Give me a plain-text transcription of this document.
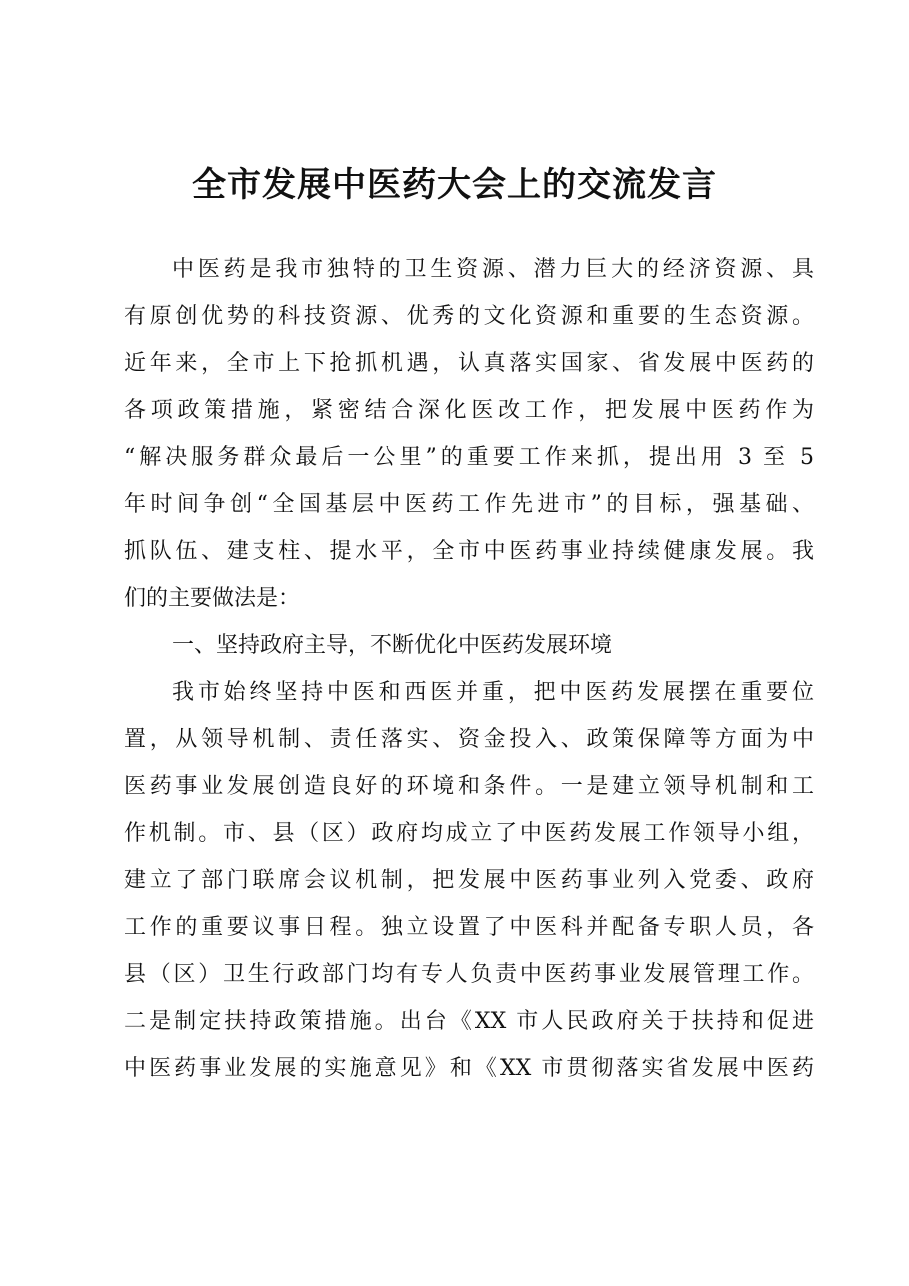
全市发展中医药大会上的交流发言
中医药是我市独特的卫生资源、潜力巨大的经济资源、具
有原创优势的科技资源、优秀的文化资源和重要的生态资源。
近年来，全市上下抢抓机遇，认真落实国家、省发展中医药的
各项政策措施，紧密结合深化医改工作，把发展中医药作为
“解决服务群众最后一公里”的重要工作来抓，提出用 3 至 5
年时间争创“全国基层中医药工作先进市”的目标，强基础、
抓队伍、建支柱、提水平，全市中医药事业持续健康发展。我
们的主要做法是：
一、坚持政府主导，不断优化中医药发展环境
我市始终坚持中医和西医并重，把中医药发展摆在重要位
置，从领导机制、责任落实、资金投入、政策保障等方面为中
医药事业发展创造良好的环境和条件。一是建立领导机制和工
作机制。市、县（区）政府均成立了中医药发展工作领导小组，
建立了部门联席会议机制，把发展中医药事业列入党委、政府
工作的重要议事日程。独立设置了中医科并配备专职人员，各
县（区）卫生行政部门均有专人负责中医药事业发展管理工作。
二是制定扶持政策措施。出台《XX 市人民政府关于扶持和促进
中医药事业发展的实施意见》和《XX 市贯彻落实省发展中医药
